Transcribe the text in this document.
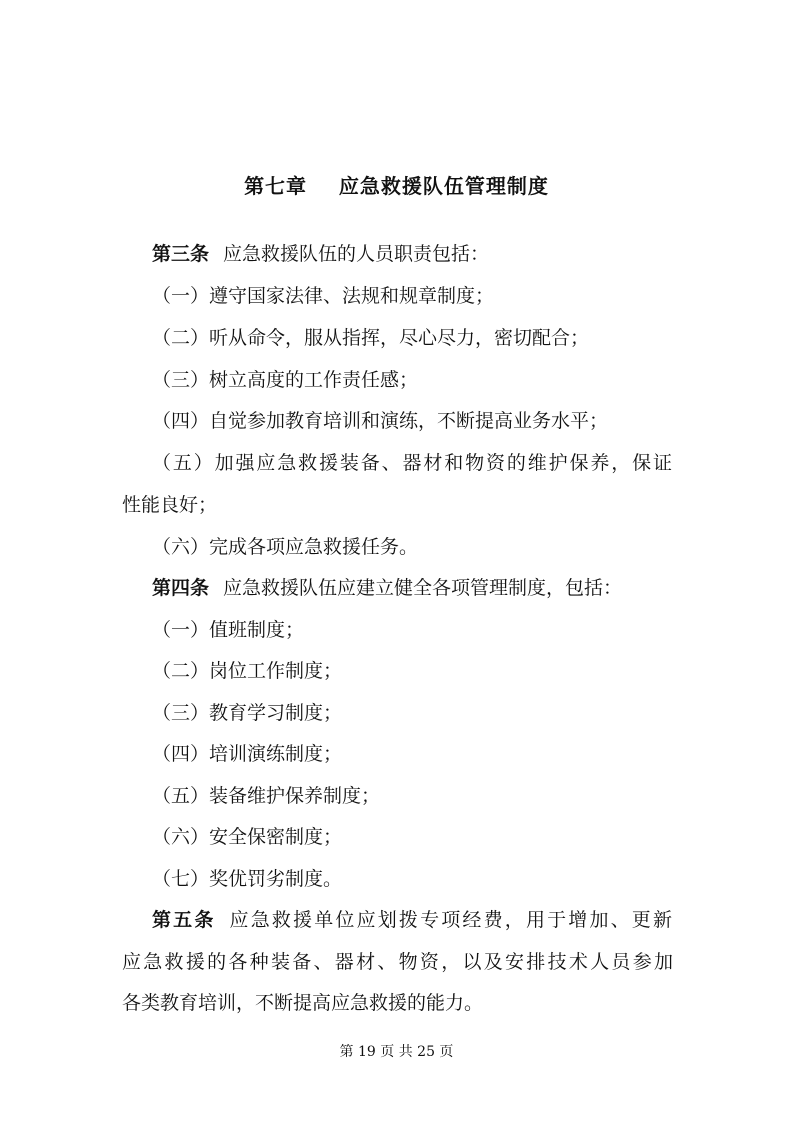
第七章    应急救援队伍管理制度
第三条 应急救援队伍的人员职责包括：
（一）遵守国家法律、法规和规章制度；
（二）听从命令，服从指挥，尽心尽力，密切配合；
（三）树立高度的工作责任感；
（四）自觉参加教育培训和演练，不断提高业务水平；
（五）加强应急救援装备、器材和物资的维护保养，保证
性能良好；
（六）完成各项应急救援任务。
第四条 应急救援队伍应建立健全各项管理制度，包括：
（一）值班制度；
（二）岗位工作制度；
（三）教育学习制度；
（四）培训演练制度；
（五）装备维护保养制度；
（六）安全保密制度；
（七）奖优罚劣制度。
第五条 应急救援单位应划拨专项经费，用于增加、更新
应急救援的各种装备、器材、物资，以及安排技术人员参加
各类教育培训，不断提高应急救援的能力。
第 19 页 共 25 页
